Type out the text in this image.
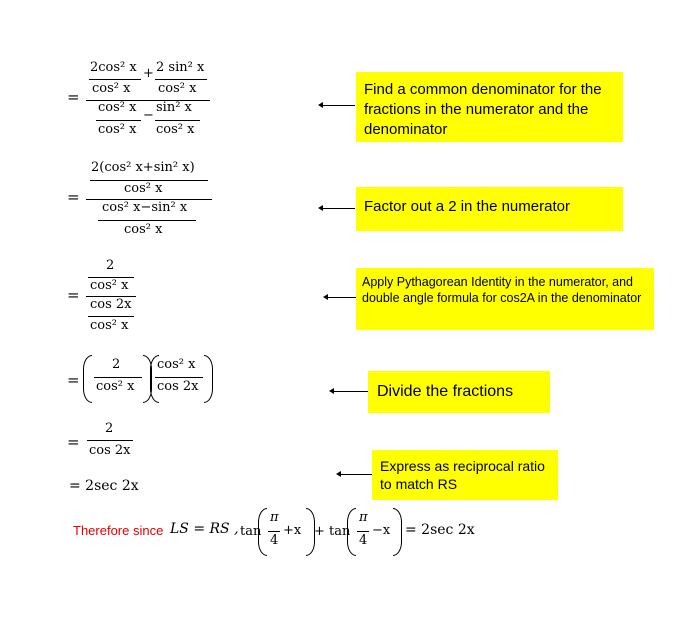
Find a common denominator for the fractions in the numerator and the denominator
Factor out a 2 in the numerator
Apply Pythagorean Identity in the numerator, and double angle formula for cos2A in the denominator
Divide the fractions
Express as reciprocal ratio to match RS
=
2cos² x + 2 sin² x
cos² x cos² x
cos² x
−
sin² x
cos² x cos² x
=
2(cos² x+sin² x)
cos² x
cos² x−sin² x
cos² x
=
2
cos² x
cos 2x
cos² x
=
2
cos² x
cos² x
cos 2x
=
2
cos 2x
= 2sec 2x
Therefore since LS = RS , tan
π
4
+x + tan
π
4
−x = 2sec 2x
